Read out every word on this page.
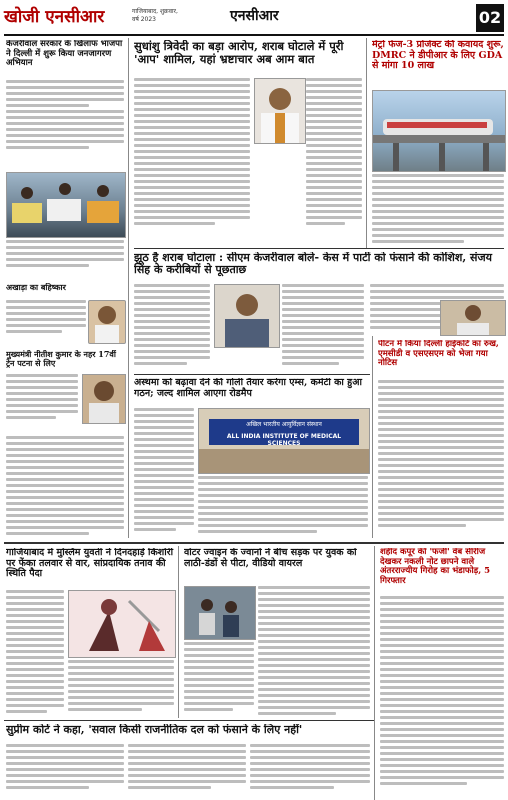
खोजी एनसीआर	गाजियाबाद, शुक्रवार,
वर्ष 2023	एनसीआर	02
केजरीवाल सरकार के खिलाफ भाजपा ने दिल्ली में शुरू किया जनजागरण अभियान
अखाड़ा का बहिष्कार
मुख्यमंत्री नीतीश कुमार के नहर 17वीं ट्रेन पटना से लिए
सुधांशु त्रिवेदी का बड़ा आरोप, शराब घोटाले में पूरी 'आप' शामिल, यहां भ्रष्टाचार अब आम बात
मेट्रो फेज-3 प्रोजेक्ट की कवायद शुरू, DMRC ने डीपीआर के लिए GDA से मांगा 10 लाख
झूठ है शराब घोटाला : सीएम केजरीवाल बोले- केस में पार्टी को फंसाने की कोशिश, संजय सिंह के करीबियों से पूछताछ
अस्थमा को बढ़ावा देने की गोली तैयार करेगा एम्स, कमेटी का हुआ गठन; जल्द शामिल आएगा रोडमैप
अखिल भारतीय आयुर्विज्ञान संस्थान
ALL INDIA INSTITUTE OF MEDICAL SCIENCES
पीटन में किया दिल्ली हाईकोर्ट का रुख, एमसीडी व एसएसएम को भेजा गया नोटिस
गाजियाबाद में मुस्लिम युवती ने दिनदहाड़े किशोरी पर फेंका तलवार से वार, सांप्रदायिक तनाव की स्थिति पैदा
वोटर ज्वाइन के ज्वानों ने बीच सड़क पर युवक को लाठी-डंडों से पीटा, वीडियो वायरल
शहीद कपूर की 'फर्जी' वेब सीरीज देखकर नकली नोट छापने वाले अंतरराज्यीय गिरोह का भंडाफोड़, 5 गिरफ्तार
सुप्रीम कोर्ट ने कहा, 'सवाल किसी राजनीतिक दल को फंसाने के लिए नहीं'
